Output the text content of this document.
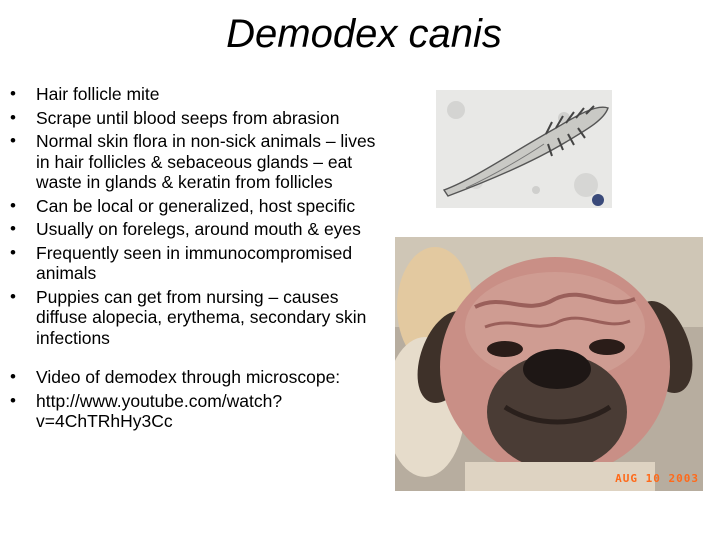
Demodex canis
• Hair follicle mite
• Scrape until blood seeps from abrasion
• Normal skin flora in non-sick animals – lives in hair follicles & sebaceous glands – eat waste in glands & keratin from follicles
• Can be local or generalized, host specific
• Usually on forelegs, around mouth & eyes
• Frequently seen in immunocompromised animals
• Puppies can get from nursing – causes diffuse alopecia, erythema, secondary skin infections
• Video of demodex through microscope:
• http://www.youtube.com/watch?v=4ChTRhHy3Cc
AUG 10 2003
